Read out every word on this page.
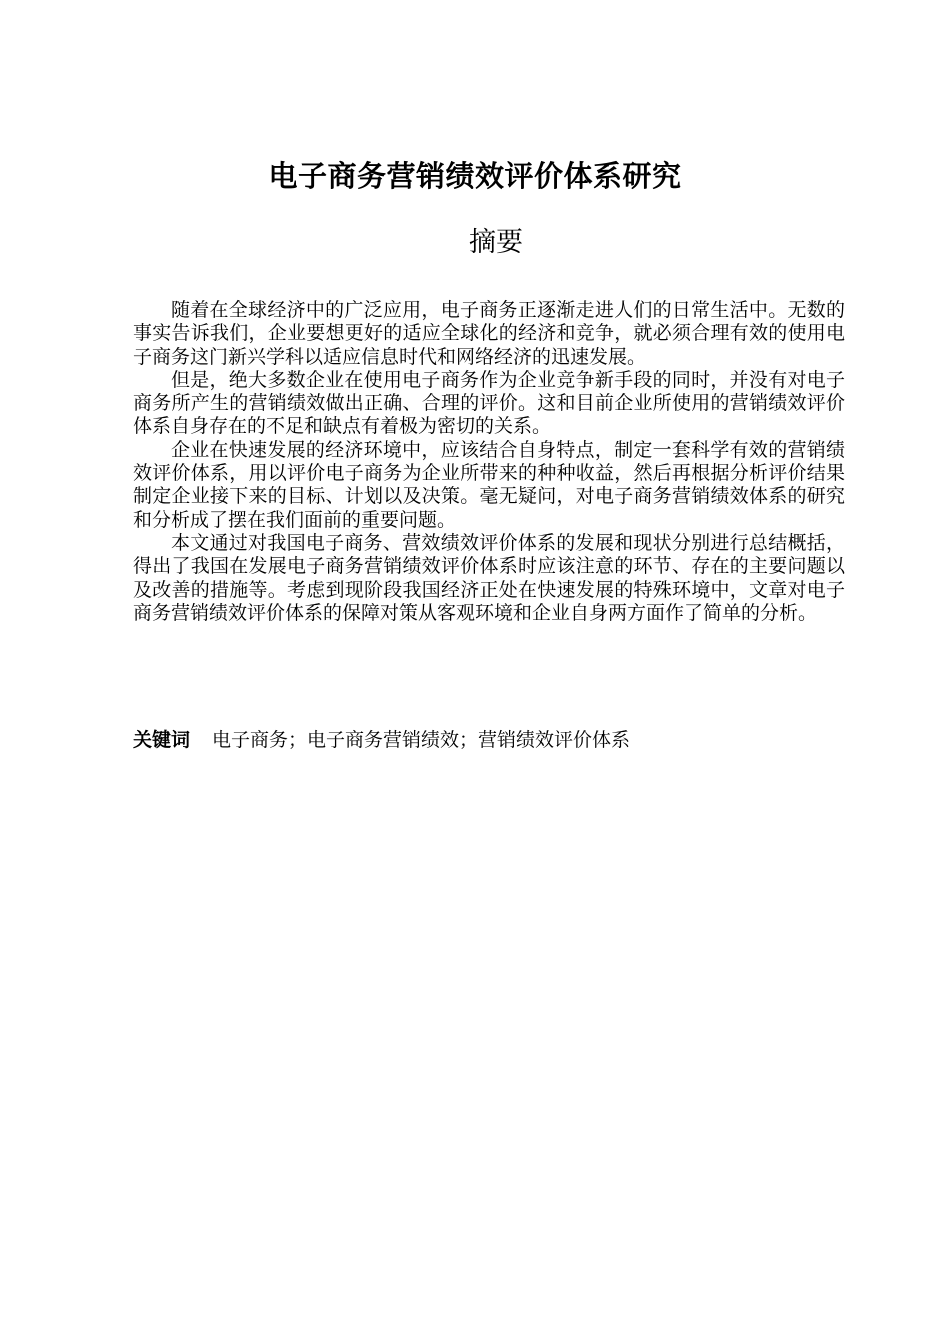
电子商务营销绩效评价体系研究
摘要

随着在全球经济中的广泛应用，电子商务正逐渐走进人们的日常生活中。无数的事实告诉我们，企业要想更好的适应全球化的经济和竞争，就必须合理有效的使用电子商务这门新兴学科以适应信息时代和网络经济的迅速发展。

但是，绝大多数企业在使用电子商务作为企业竞争新手段的同时，并没有对电子商务所产生的营销绩效做出正确、合理的评价。这和目前企业所使用的营销绩效评价体系自身存在的不足和缺点有着极为密切的关系。

企业在快速发展的经济环境中，应该结合自身特点，制定一套科学有效的营销绩效评价体系，用以评价电子商务为企业所带来的种种收益，然后再根据分析评价结果制定企业接下来的目标、计划以及决策。毫无疑问，对电子商务营销绩效体系的研究和分析成了摆在我们面前的重要问题。

本文通过对我国电子商务、营效绩效评价体系的发展和现状分别进行总结概括，得出了我国在发展电子商务营销绩效评价体系时应该注意的环节、存在的主要问题以及改善的措施等。考虑到现阶段我国经济正处在快速发展的特殊环境中，文章对电子商务营销绩效评价体系的保障对策从客观环境和企业自身两方面作了简单的分析。

关键词 电子商务；电子商务营销绩效；营销绩效评价体系
